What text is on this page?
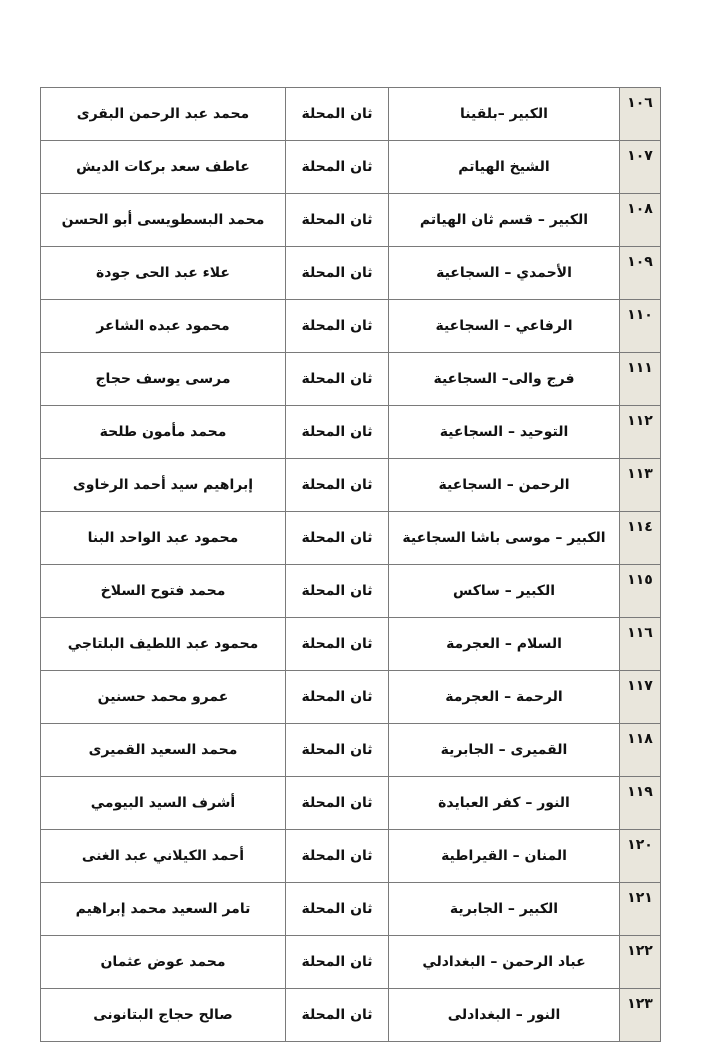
١٠٦	الكبير –بلقينا	ثان المحلة	محمد عبد الرحمن البقرى
١٠٧	الشيخ الهياتم	ثان المحلة	عاطف سعد بركات الديش
١٠٨	الكبير – قسم ثان الهياتم	ثان المحلة	محمد البسطويسى أبو الحسن
١٠٩	الأحمدي – السجاعية	ثان المحلة	علاء عبد الحى جودة
١١٠	الرفاعي – السجاعية	ثان المحلة	محمود عبده الشاعر
١١١	فرج والى– السجاعية	ثان المحلة	مرسى يوسف حجاج
١١٢	التوحيد – السجاعية	ثان المحلة	محمد مأمون طلحة
١١٣	الرحمن – السجاعية	ثان المحلة	إبراهيم سيد أحمد الرخاوى
١١٤	الكبير – موسى باشا السجاعية	ثان المحلة	محمود عبد الواحد البنا
١١٥	الكبير – ساكس	ثان المحلة	محمد فتوح السلاخ
١١٦	السلام – العجرمة	ثان المحلة	محمود عبد اللطيف البلتاجي
١١٧	الرحمة – العجرمة	ثان المحلة	عمرو محمد حسنين
١١٨	القميرى – الجابرية	ثان المحلة	محمد السعيد القميرى
١١٩	النور – كفر العبايدة	ثان المحلة	أشرف السيد البيومي
١٢٠	المنان – القيراطية	ثان المحلة	أحمد الكيلاني عبد الغنى
١٢١	الكبير – الجابرية	ثان المحلة	تامر السعيد محمد إبراهيم
١٢٢	عباد الرحمن – البغدادلي	ثان المحلة	محمد عوض عثمان
١٢٣	النور – البغدادلى	ثان المحلة	صالح حجاج البتانونى
